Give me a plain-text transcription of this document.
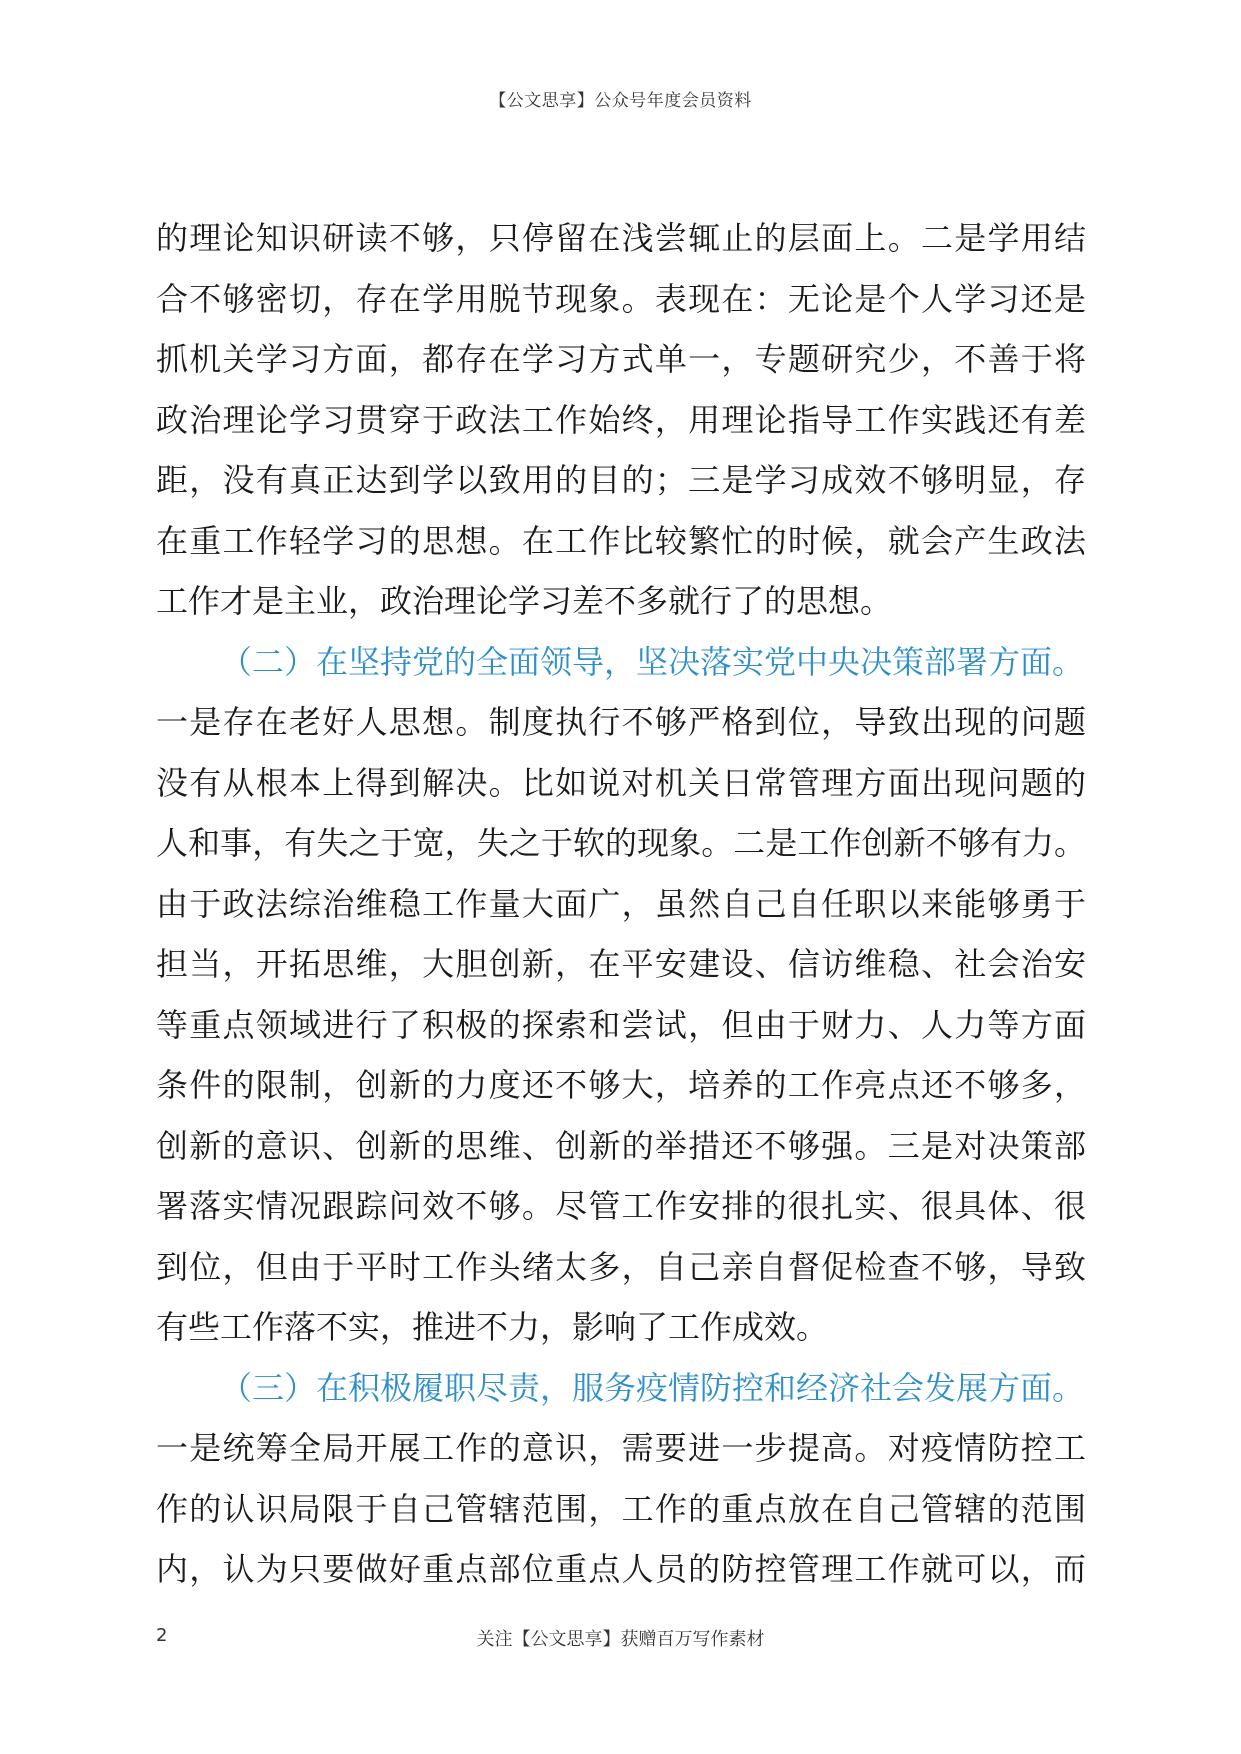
【公文思享】公众号年度会员资料
的理论知识研读不够，只停留在浅尝辄止的层面上。二是学用结
合不够密切，存在学用脱节现象。表现在：无论是个人学习还是
抓机关学习方面，都存在学习方式单一，专题研究少，不善于将
政治理论学习贯穿于政法工作始终，用理论指导工作实践还有差
距，没有真正达到学以致用的目的；三是学习成效不够明显，存
在重工作轻学习的思想。在工作比较繁忙的时候，就会产生政法
工作才是主业，政治理论学习差不多就行了的思想。
（二）在坚持党的全面领导，坚决落实党中央决策部署方面。
一是存在老好人思想。制度执行不够严格到位，导致出现的问题
没有从根本上得到解决。比如说对机关日常管理方面出现问题的
人和事，有失之于宽，失之于软的现象。二是工作创新不够有力。
由于政法综治维稳工作量大面广，虽然自己自任职以来能够勇于
担当，开拓思维，大胆创新，在平安建设、信访维稳、社会治安
等重点领域进行了积极的探索和尝试，但由于财力、人力等方面
条件的限制，创新的力度还不够大，培养的工作亮点还不够多，
创新的意识、创新的思维、创新的举措还不够强。三是对决策部
署落实情况跟踪问效不够。尽管工作安排的很扎实、很具体、很
到位，但由于平时工作头绪太多，自己亲自督促检查不够，导致
有些工作落不实，推进不力，影响了工作成效。
（三）在积极履职尽责，服务疫情防控和经济社会发展方面。
一是统筹全局开展工作的意识，需要进一步提高。对疫情防控工
作的认识局限于自己管辖范围，工作的重点放在自己管辖的范围
内，认为只要做好重点部位重点人员的防控管理工作就可以，而
2	关注【公文思享】获赠百万写作素材
